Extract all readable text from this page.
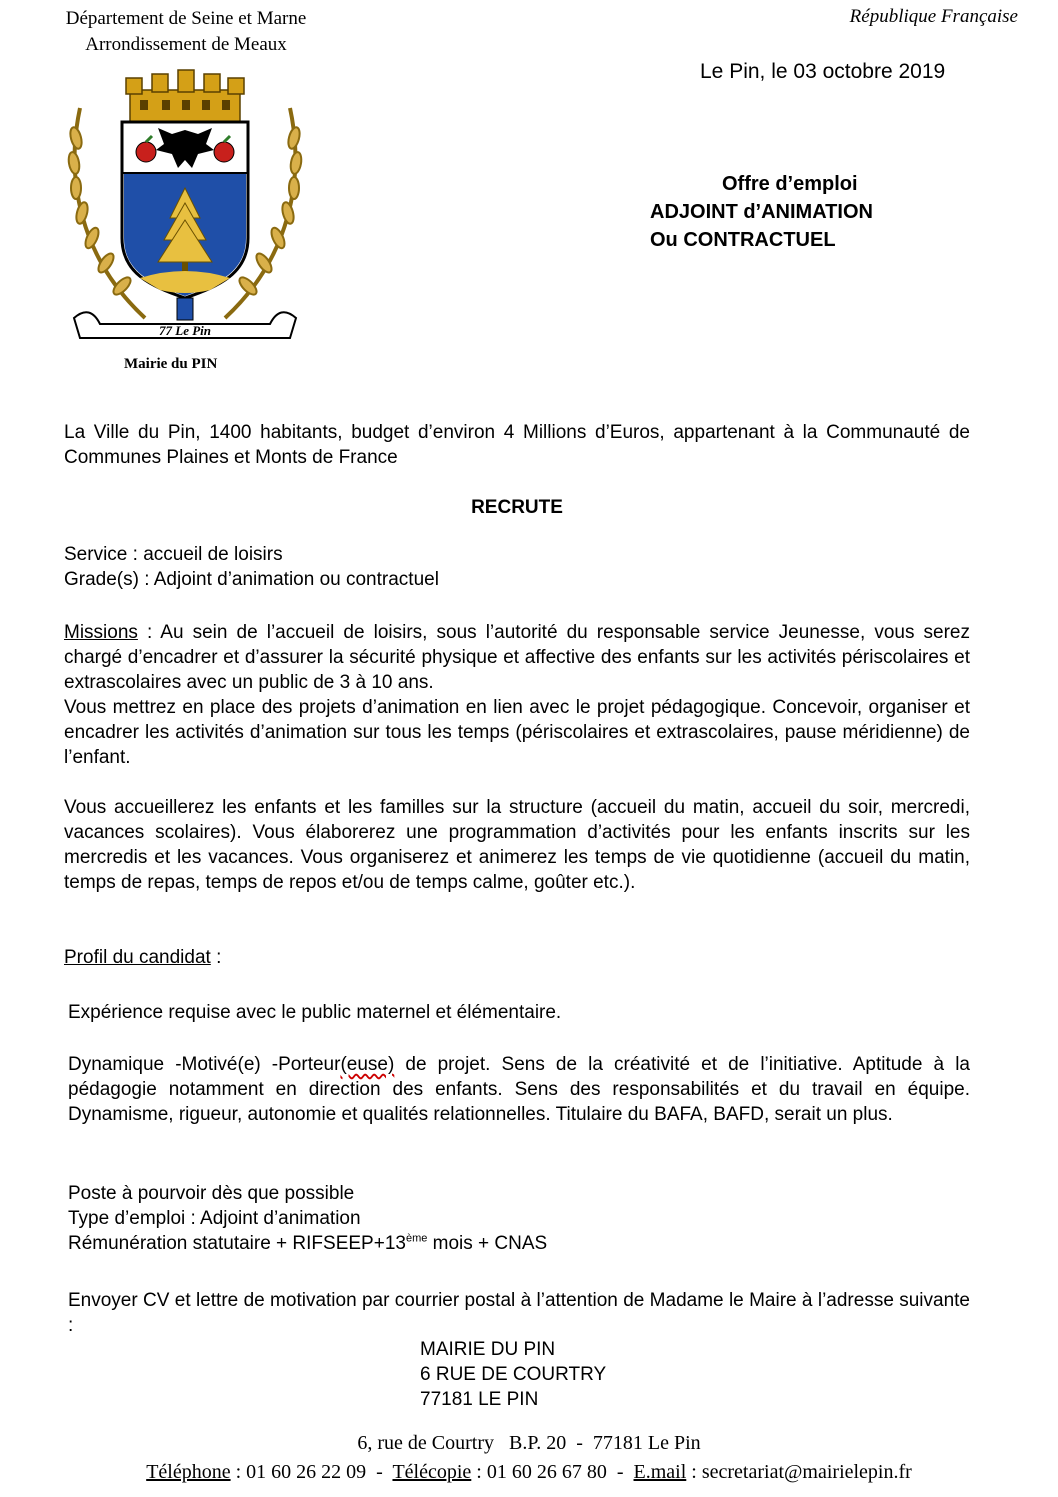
Département de Seine et Marne
Arrondissement de Meaux
République Française
Le Pin, le 03 octobre 2019
77 Le Pin
Mairie du PIN
Offre d’emploi
ADJOINT d’ANIMATION
Ou CONTRACTUEL

La Ville du Pin, 1400 habitants, budget d’environ 4 Millions d’Euros, appartenant à la Communauté de Communes Plaines et Monts de France

RECRUTE

Service : accueil de loisirs

Grade(s) : Adjoint d’animation ou contractuel

Missions : Au sein de l’accueil de loisirs, sous l’autorité du responsable service Jeunesse, vous serez chargé d’encadrer et d’assurer la sécurité physique et affective des enfants sur les activités périscolaires et extrascolaires avec un public de 3 à 10 ans.

Vous mettrez en place des projets d’animation en lien avec le projet pédagogique. Concevoir, organiser et encadrer les activités d’animation sur tous les temps (périscolaires et extrascolaires, pause méridienne) de l’enfant.

Vous accueillerez les enfants et les familles sur la structure (accueil du matin, accueil du soir, mercredi, vacances scolaires). Vous élaborerez une programmation d’activités pour les enfants inscrits sur les mercredis et les vacances. Vous organiserez et animerez les temps de vie quotidienne (accueil du matin, temps de repas, temps de repos et/ou de temps calme, goûter etc.).

Profil du candidat :

Expérience requise avec le public maternel et élémentaire.

Dynamique -Motivé(e) -Porteur(euse) de projet. Sens de la créativité et de l’initiative. Aptitude à la pédagogie notamment en direction des enfants. Sens des responsabilités et du travail en équipe. Dynamisme, rigueur, autonomie et qualités relationnelles. Titulaire du BAFA, BAFD, serait un plus.

Poste à pourvoir dès que possible

Type d’emploi : Adjoint d’animation

Rémunération statutaire + RIFSEEP+13ème mois + CNAS

Envoyer CV et lettre de motivation par courrier postal à l’attention de Madame le Maire à l’adresse suivante :

MAIRIE DU PIN

6 RUE DE COURTRY

77181 LE PIN

6, rue de Courtry   B.P. 20  -  77181 Le Pin
Téléphone : 01 60 26 22 09  -  Télécopie : 01 60 26 67 80  -  E.mail : secretariat@mairielepin.fr
